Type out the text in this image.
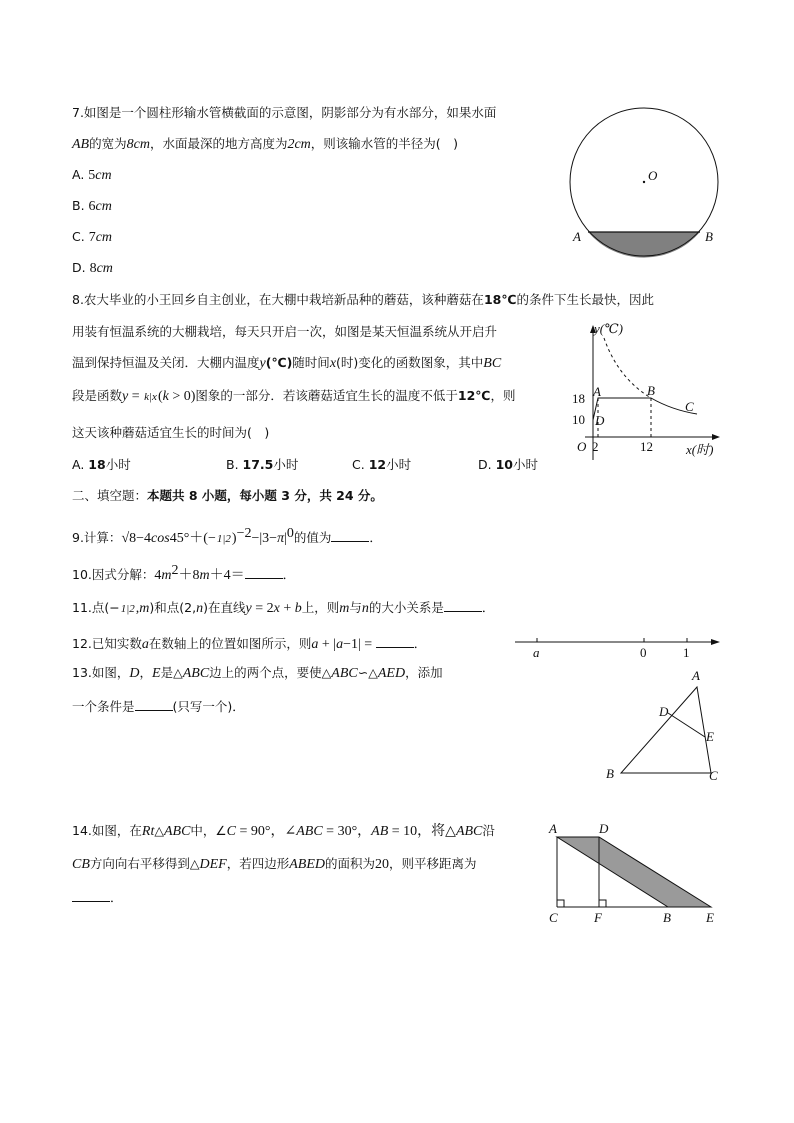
7.如图是一个圆柱形输水管横截面的示意图，阴影部分为有水部分，如果水面
AB的宽为8cm，水面最深的地方高度为2cm，则该输水管的半径为(　)
A. 5cm
B. 6cm
C. 7cm
D. 8cm
8.农大毕业的小王回乡自主创业，在大棚中栽培新品种的蘑菇，该种蘑菇在18℃的条件下生长最快，因此
用装有恒温系统的大棚栽培，每天只开启一次，如图是某天恒温系统从开启升
温到保持恒温及关闭．大棚内温度y(℃)随时间x(时)变化的函数图象，其中BC
段是函数y = k|x(k > 0)图象的一部分．若该蘑菇适宜生长的温度不低于12℃，则
这天该种蘑菇适宜生长的时间为(　)
A. 18小时
9.计算：$√8-4\cos 45^\circ+(-1|2)^{-2}-|3-\pi|^0$的值为	．
10.因式分解：$4m^2+8m+4=$	．
11.点(−1|2,m)和点(2,n)在直线y = 2x + b上，则m与n的大小关系是	．
12.已知实数a在数轴上的位置如图所示，则a + |a−1| =	．
13.如图，D，E是△ABC边上的两个点，要使△ABC∽△AED，添加
一个条件是	(只写一个)．
14.如图，在Rt△ABC中，∠C = 90°，∠ABC = 30°，AB = 10，将△ABC沿
CB方向向右平移得到△DEF，若四边形ABED的面积为20，则平移距离为
．
B. 17.5小时	C. 12小时	D. 10小时
二、填空题：本题共 8 小题，每小题 3 分，共 24 分。
O
A	B
y(℃)
x(时)
O
A	B
C
D
18
10
2	12
a	0	1
A
B	C
D
E
A	D
C	F	B	E
